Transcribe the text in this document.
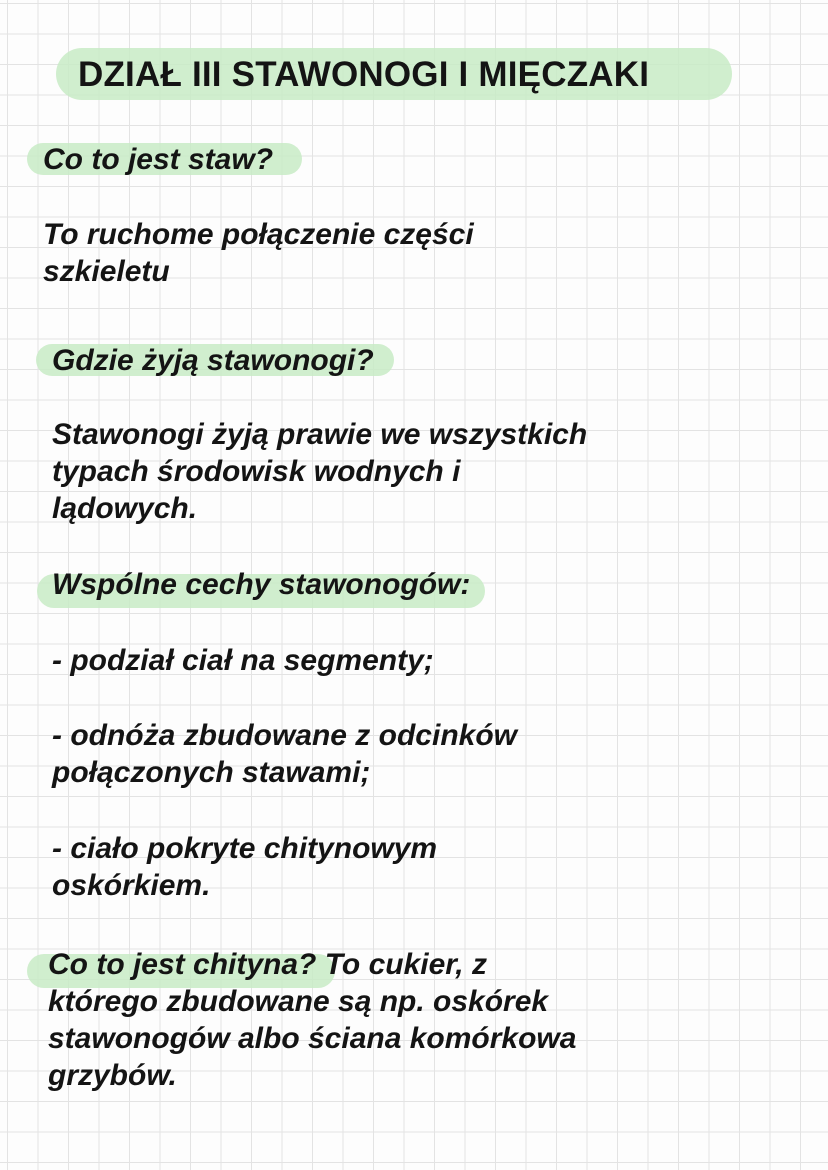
DZIAŁ III STAWONOGI I MIĘCZAKI

Co to jest staw?

To ruchome połączenie części
szkieletu

Gdzie żyją stawonogi?

Stawonogi żyją prawie we wszystkich
typach środowisk wodnych i
lądowych.

Wspólne cechy stawonogów:

- podział ciał na segmenty;

- odnóża zbudowane z odcinków
połączonych stawami;

- ciało pokryte chitynowym
oskórkiem.

Co to jest chityna? To cukier, z
którego zbudowane są np. oskórek
stawonogów albo ściana komórkowa
grzybów.
